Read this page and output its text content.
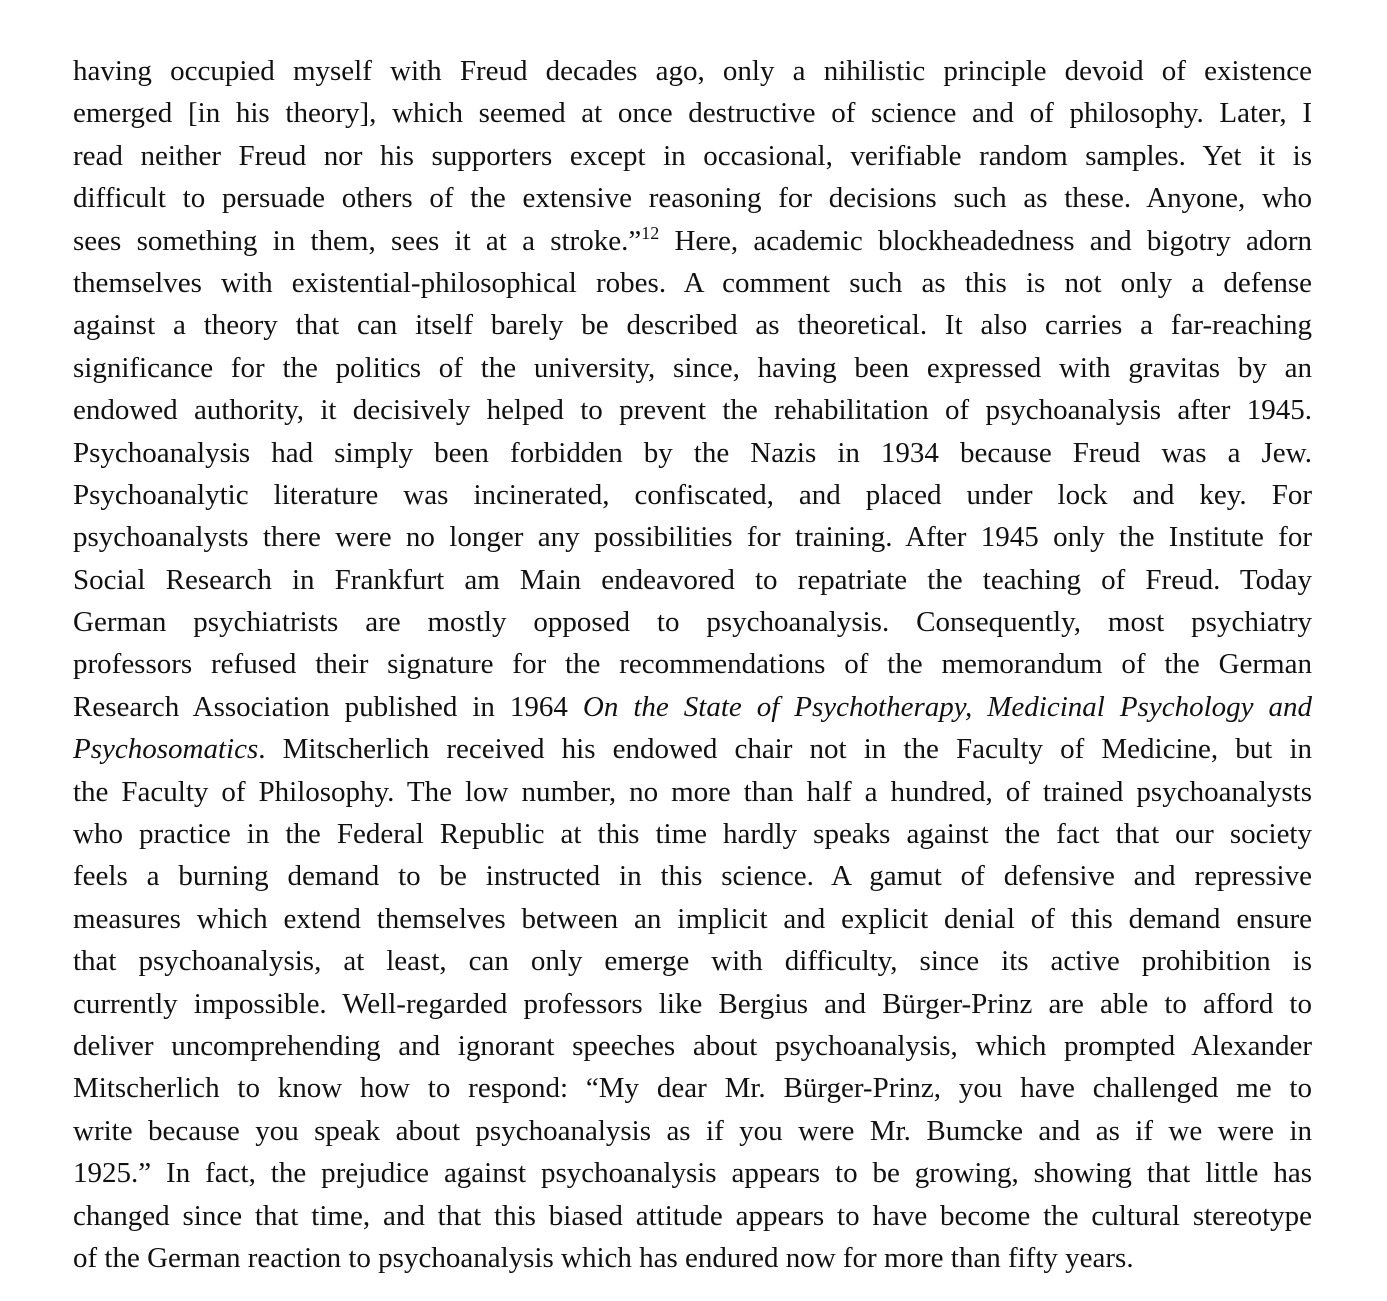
having occupied myself with Freud decades ago, only a nihilistic principle devoid of existence
emerged [in his theory], which seemed at once destructive of science and of philosophy. Later, I
read neither Freud nor his supporters except in occasional, verifiable random samples. Yet it is
difficult to persuade others of the extensive reasoning for decisions such as these. Anyone, who
sees something in them, sees it at a stroke.”$^{12}$ Here, academic blockheadedness and bigotry adorn
themselves with existential-philosophical robes. A comment such as this is not only a defense
against a theory that can itself barely be described as theoretical. It also carries a far-reaching
significance for the politics of the university, since, having been expressed with gravitas by an
endowed authority, it decisively helped to prevent the rehabilitation of psychoanalysis after 1945.
Psychoanalysis had simply been forbidden by the Nazis in 1934 because Freud was a Jew.
Psychoanalytic literature was incinerated, confiscated, and placed under lock and key. For
psychoanalysts there were no longer any possibilities for training. After 1945 only the Institute for
Social Research in Frankfurt am Main endeavored to repatriate the teaching of Freud. Today
German psychiatrists are mostly opposed to psychoanalysis. Consequently, most psychiatry
professors refused their signature for the recommendations of the memorandum of the German
Research Association published in 1964 On the State of Psychotherapy, Medicinal Psychology and
Psychosomatics. Mitscherlich received his endowed chair not in the Faculty of Medicine, but in
the Faculty of Philosophy. The low number, no more than half a hundred, of trained psychoanalysts
who practice in the Federal Republic at this time hardly speaks against the fact that our society
feels a burning demand to be instructed in this science. A gamut of defensive and repressive
measures which extend themselves between an implicit and explicit denial of this demand ensure
that psychoanalysis, at least, can only emerge with difficulty, since its active prohibition is
currently impossible. Well-regarded professors like Bergius and Bürger-Prinz are able to afford to
deliver uncomprehending and ignorant speeches about psychoanalysis, which prompted Alexander
Mitscherlich to know how to respond: “My dear Mr. Bürger-Prinz, you have challenged me to
write because you speak about psychoanalysis as if you were Mr. Bumcke and as if we were in
1925.” In fact, the prejudice against psychoanalysis appears to be growing, showing that little has
changed since that time, and that this biased attitude appears to have become the cultural stereotype
of the German reaction to psychoanalysis which has endured now for more than fifty years.
